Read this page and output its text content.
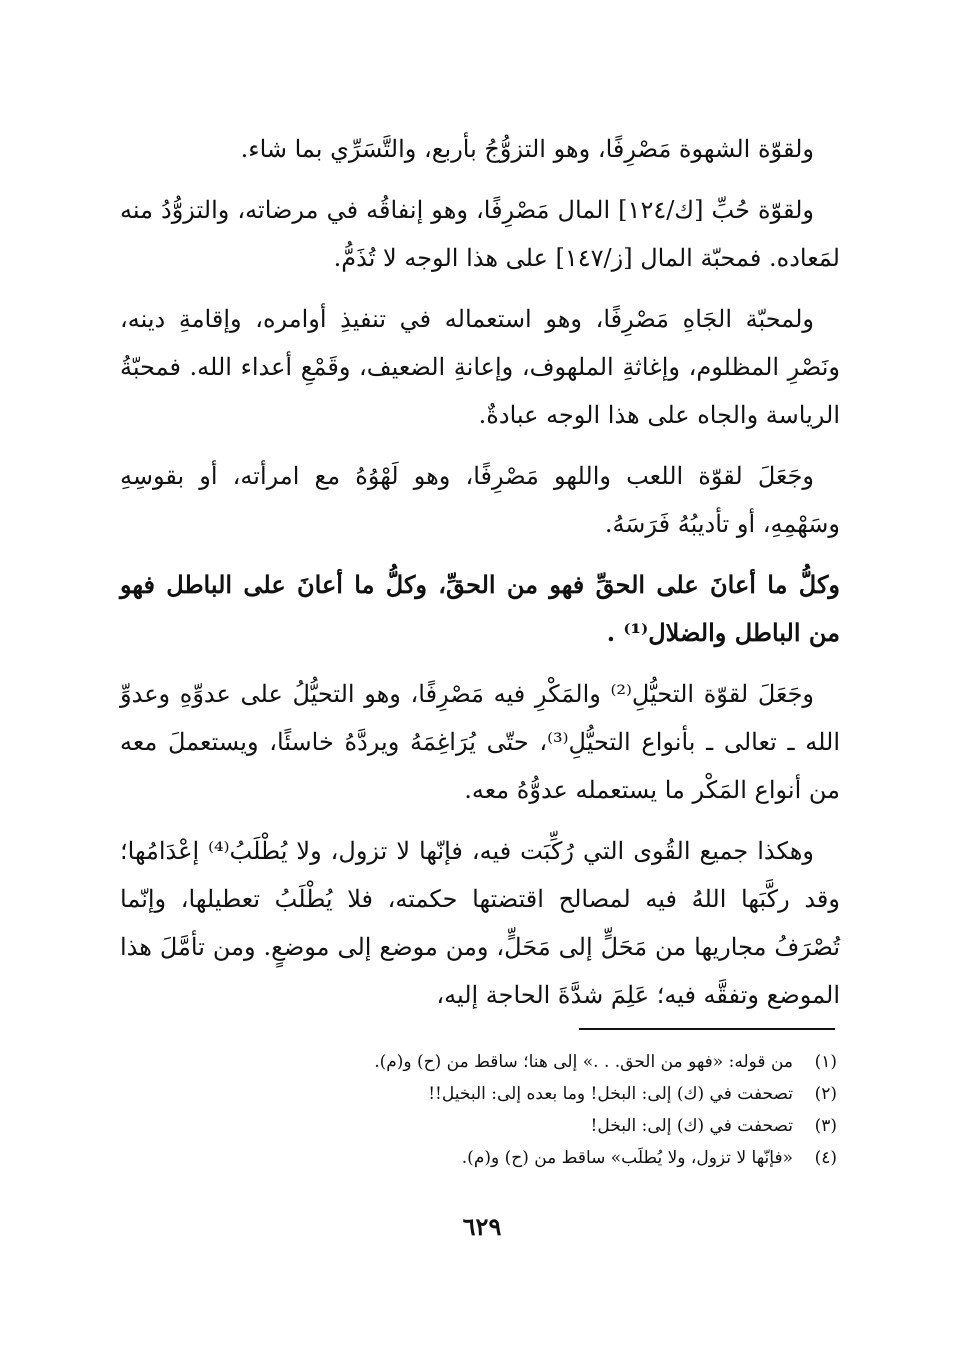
ولقوّة الشهوة مَصْرِفًا، وهو التزوُّجُ بأربع، والتَّسَرِّي بما شاء.

ولقوّة حُبِّ [ك/١٢٤] المال مَصْرِفًا، وهو إنفاقُه في مرضاته، والتزوُّدُ منه لمَعاده. فمحبّة المال [ز/١٤٧] على هذا الوجه لا تُذَمُّ.

ولمحبّة الجَاهِ مَصْرِفًا، وهو استعماله في تنفيذِ أوامره، وإقامةِ دينه، ونَصْرِ المظلوم، وإغاثةِ الملهوف، وإعانةِ الضعيف، وقَمْعِ أعداء الله. فمحبّةُ الرياسة والجاه على هذا الوجه عبادةٌ.

وجَعَلَ لقوّة اللعب واللهو مَصْرِفًا، وهو لَهْوُهُ مع امرأته، أو بقوسِهِ وسَهْمِهِ، أو تأديبُهُ فَرَسَهُ.

وكلُّ ما أعانَ على الحقِّ فهو من الحقِّ، وكلُّ ما أعانَ على الباطل فهو من الباطل والضلال⁽¹⁾ .

وجَعَلَ لقوّة التحيُّلِ⁽²⁾ والمَكْرِ فيه مَصْرِفًا، وهو التحيُّلُ على عدوِّهِ وعدوِّ الله ـ تعالى ـ بأنواع التحيُّلِ⁽³⁾، حتّى يُرَاغِمَهُ ويردَّهُ خاسئًا، ويستعملَ معه من أنواع المَكْر ما يستعمله عدوُّهُ معه.

وهكذا جميع القُوى التي رُكِّبَت فيه، فإنّها لا تزول، ولا يُطْلَبُ⁽⁴⁾ إعْدَامُها؛ وقد ركَّبَها اللهُ فيه لمصالح اقتضتها حكمته، فلا يُطْلَبُ تعطيلها، وإنّما تُصْرَفُ مجاريها من مَحَلٍّ إلى مَحَلٍّ، ومن موضع إلى موضعٍ. ومن تأمَّلَ هذا الموضع وتفقَّه فيه؛ عَلِمَ شدَّةَ الحاجة إليه،

(١)
من قوله: «فهو من الحق. . .» إلى هنا؛ ساقط من (ح) و(م).
(٢)
تصحفت في (ك) إلى: البخل! وما بعده إلى: البخيل!!
(٣)
تصحفت في (ك) إلى: البخل!
(٤)
«فإنّها لا تزول، ولا يُطلَب» ساقط من (ح) و(م).
٦٢٩
